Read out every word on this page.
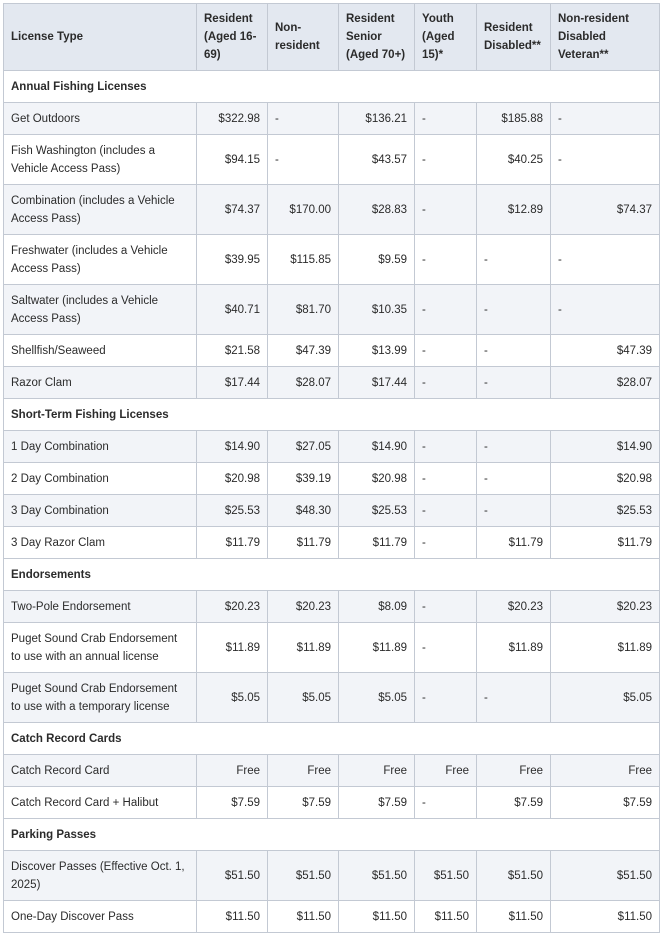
License Type	Resident (Aged 16-69)	Non-resident	Resident Senior (Aged 70+)	Youth (Aged 15)*	Resident Disabled**	Non-resident Disabled Veteran**
Annual Fishing Licenses						
Get Outdoors	$322.98	-	$136.21	-	$185.88	-
Fish Washington (includes a Vehicle Access Pass)	$94.15	-	$43.57	-	$40.25	-
Combination (includes a Vehicle Access Pass)	$74.37	$170.00	$28.83	-	$12.89	$74.37
Freshwater (includes a Vehicle Access Pass)	$39.95	$115.85	$9.59	-	-	-
Saltwater (includes a Vehicle Access Pass)	$40.71	$81.70	$10.35	-	-	-
Shellfish/Seaweed	$21.58	$47.39	$13.99	-	-	$47.39
Razor Clam	$17.44	$28.07	$17.44	-	-	$28.07
Short-Term Fishing Licenses						
1 Day Combination	$14.90	$27.05	$14.90	-	-	$14.90
2 Day Combination	$20.98	$39.19	$20.98	-	-	$20.98
3 Day Combination	$25.53	$48.30	$25.53	-	-	$25.53
3 Day Razor Clam	$11.79	$11.79	$11.79	-	$11.79	$11.79
Endorsements						
Two-Pole Endorsement	$20.23	$20.23	$8.09	-	$20.23	$20.23
Puget Sound Crab Endorsement to use with an annual license	$11.89	$11.89	$11.89	-	$11.89	$11.89
Puget Sound Crab Endorsement to use with a temporary license	$5.05	$5.05	$5.05	-	-	$5.05
Catch Record Cards						
Catch Record Card	Free	Free	Free	Free	Free	Free
Catch Record Card + Halibut	$7.59	$7.59	$7.59	-	$7.59	$7.59
Parking Passes						
Discover Passes (Effective Oct. 1, 2025)	$51.50	$51.50	$51.50	$51.50	$51.50	$51.50
One-Day Discover Pass	$11.50	$11.50	$11.50	$11.50	$11.50	$11.50
